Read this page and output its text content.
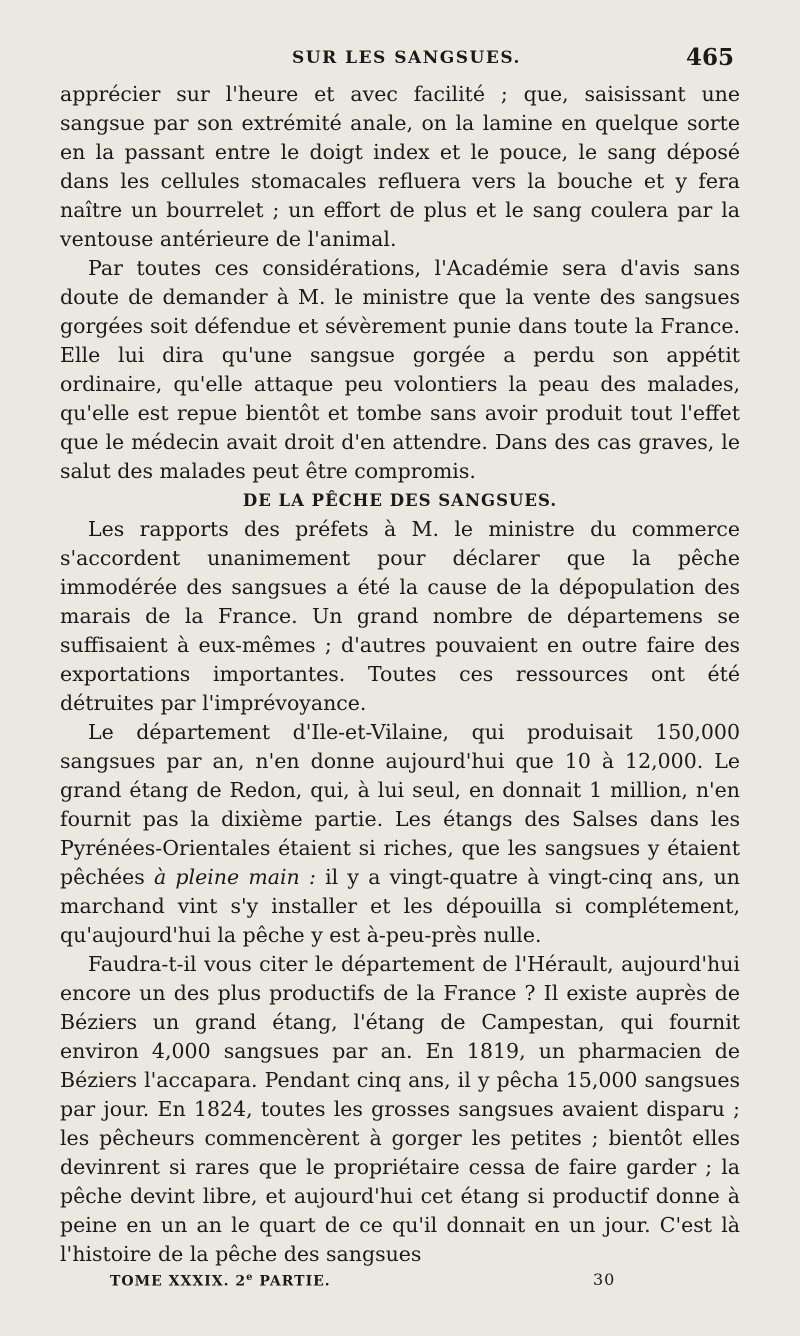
SUR LES SANGSUES.	465

apprécier sur l'heure et avec facilité ; que, saisissant une sangsue par son extrémité anale, on la lamine en quelque sorte en la passant entre le doigt index et le pouce, le sang déposé dans les cellules stomacales refluera vers la bouche et y fera naître un bourrelet ; un effort de plus et le sang coulera par la ventouse antérieure de l'animal.

Par toutes ces considérations, l'Académie sera d'avis sans doute de demander à M. le ministre que la vente des sangsues gorgées soit défendue et sévèrement punie dans toute la France. Elle lui dira qu'une sangsue gorgée a perdu son appétit ordinaire, qu'elle attaque peu volontiers la peau des malades, qu'elle est repue bientôt et tombe sans avoir produit tout l'effet que le médecin avait droit d'en attendre. Dans des cas graves, le salut des malades peut être compromis.

DE LA PÊCHE DES SANGSUES.

Les rapports des préfets à M. le ministre du commerce s'accordent unanimement pour déclarer que la pêche immodérée des sangsues a été la cause de la dépopulation des marais de la France. Un grand nombre de départemens se suffisaient à eux-mêmes ; d'autres pouvaient en outre faire des exportations importantes. Toutes ces ressources ont été détruites par l'imprévoyance.

Le département d'Ile-et-Vilaine, qui produisait 150,000 sangsues par an, n'en donne aujourd'hui que 10 à 12,000. Le grand étang de Redon, qui, à lui seul, en donnait 1 million, n'en fournit pas la dixième partie. Les étangs des Salses dans les Pyrénées-Orientales étaient si riches, que les sangsues y étaient pêchées à pleine main : il y a vingt-quatre à vingt-cinq ans, un marchand vint s'y installer et les dépouilla si complétement, qu'aujourd'hui la pêche y est à-peu-près nulle.

Faudra-t-il vous citer le département de l'Hérault, aujourd'hui encore un des plus productifs de la France ? Il existe auprès de Béziers un grand étang, l'étang de Campestan, qui fournit environ 4,000 sangsues par an. En 1819, un pharmacien de Béziers l'accapara. Pendant cinq ans, il y pêcha 15,000 sangsues par jour. En 1824, toutes les grosses sangsues avaient disparu ; les pêcheurs commencèrent à gorger les petites ; bientôt elles devinrent si rares que le propriétaire cessa de faire garder ; la pêche devint libre, et aujourd'hui cet étang si productif donne à peine en un an le quart de ce qu'il donnait en un jour. C'est là l'histoire de la pêche des sangsues

TOME XXXIX. 2e PARTIE.	30
